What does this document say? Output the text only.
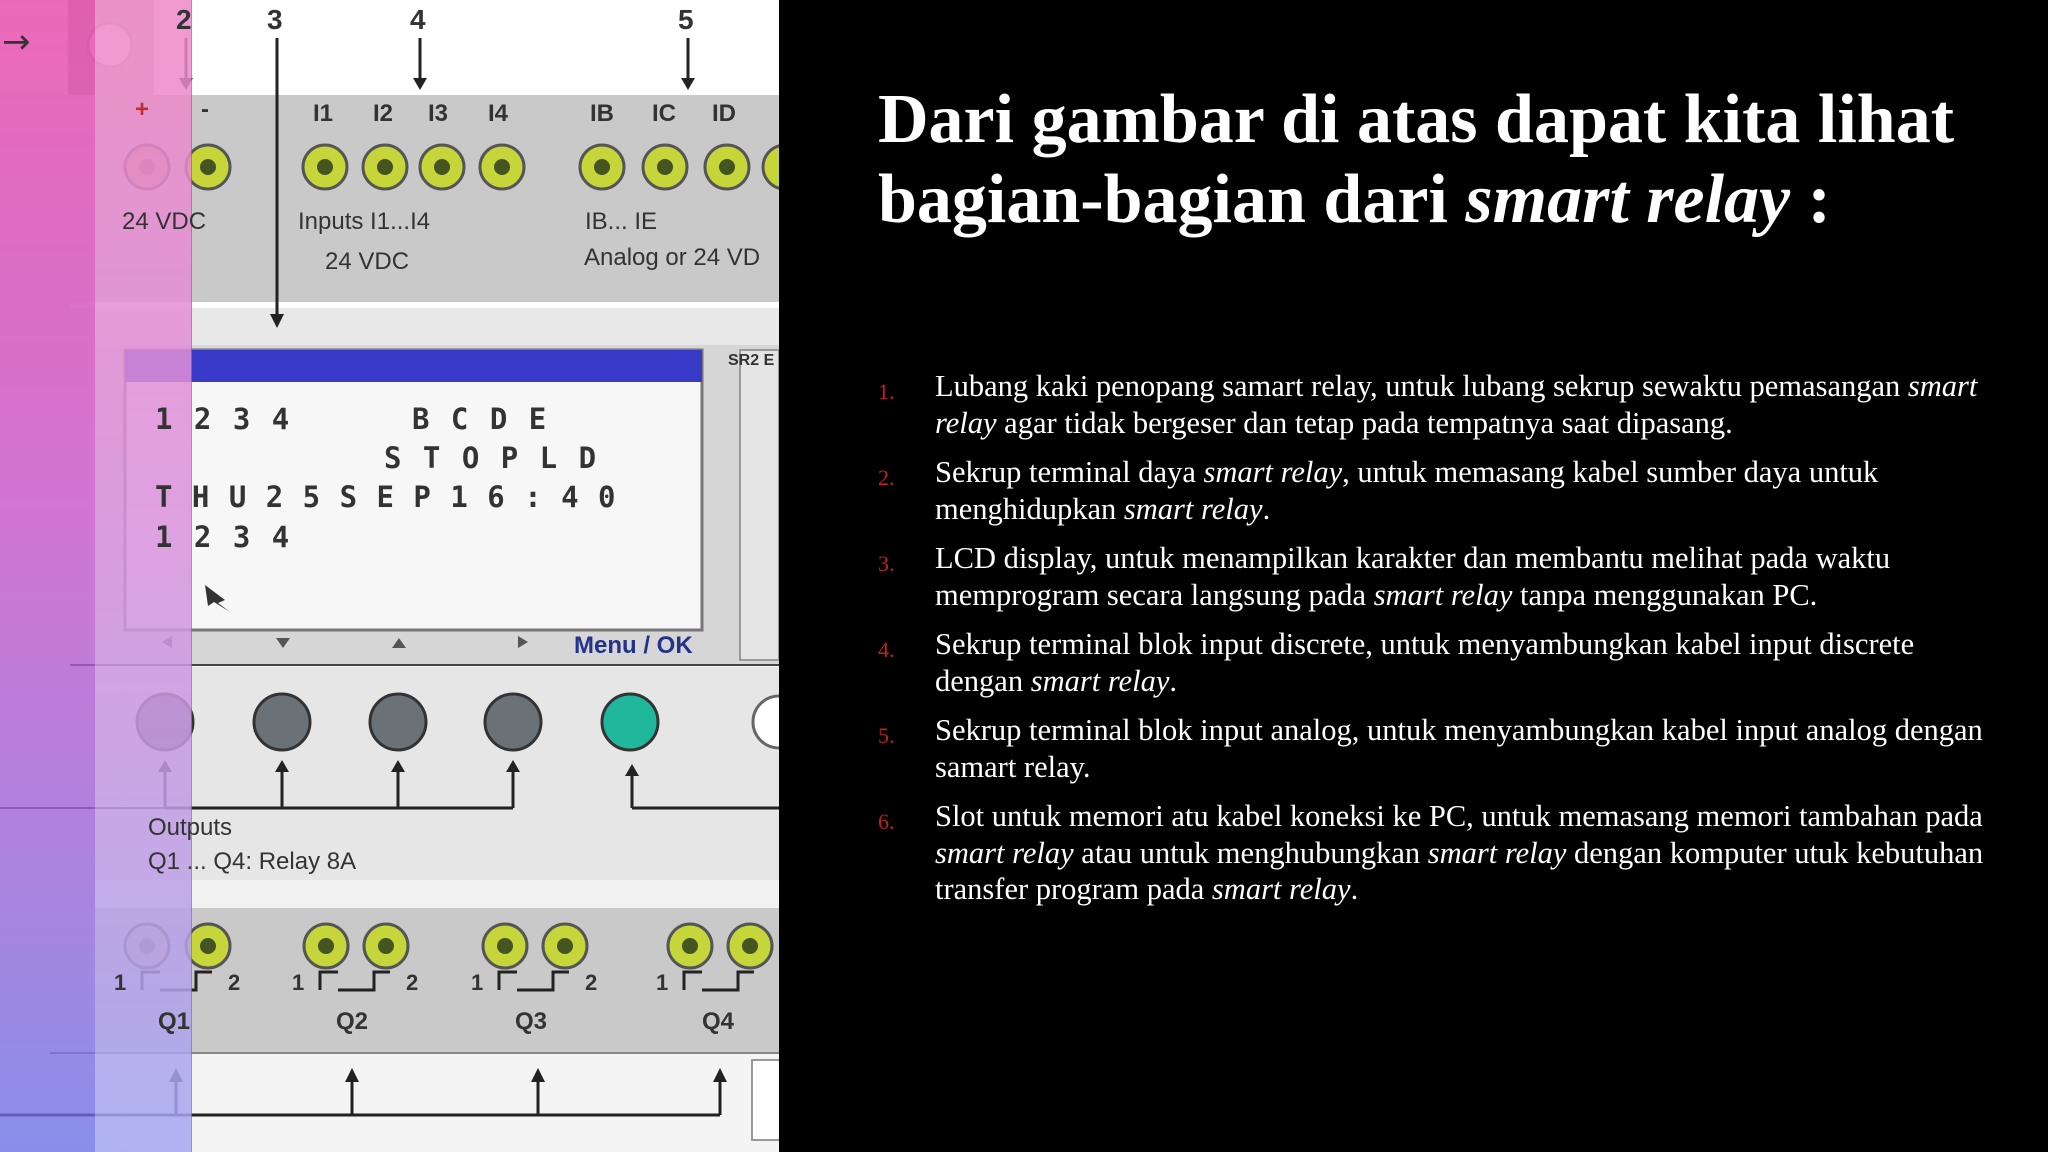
→
2	3	4	5
+ -	I1 I2 I3 I4	IB IC ID
24 VDC	Inputs I1...I4
24 VDC
IB... IE
Analog or 24 VD
SR2 E
1 2 3 4	B C D E
S T O P L D
T H U 2 5 S E P 1 6 : 4 0
1 2 3 4
Menu / OK
Outputs
Q1 ... Q4: Relay 8A
1	2 1	2 1	2	1
Q1	Q2	Q3	Q4
Dari gambar di atas dapat kita lihat
bagian-bagian dari smart relay :
1. Lubang kaki penopang samart relay, untuk lubang sekrup sewaktu pemasangan smart relay agar tidak bergeser dan tetap pada tempatnya saat dipasang.
2. Sekrup terminal daya smart relay, untuk memasang kabel sumber daya untuk menghidupkan smart relay.
3. LCD display, untuk menampilkan karakter dan membantu melihat pada waktu memprogram secara langsung pada smart relay tanpa menggunakan PC.
4. Sekrup terminal blok input discrete, untuk menyambungkan kabel input discrete dengan smart relay.
5. Sekrup terminal blok input analog, untuk menyambungkan kabel input analog dengan samart relay.
6. Slot untuk memori atu kabel koneksi ke PC, untuk memasang memori tambahan pada smart relay atau untuk menghubungkan smart relay dengan komputer utuk kebutuhan transfer program pada smart relay.
